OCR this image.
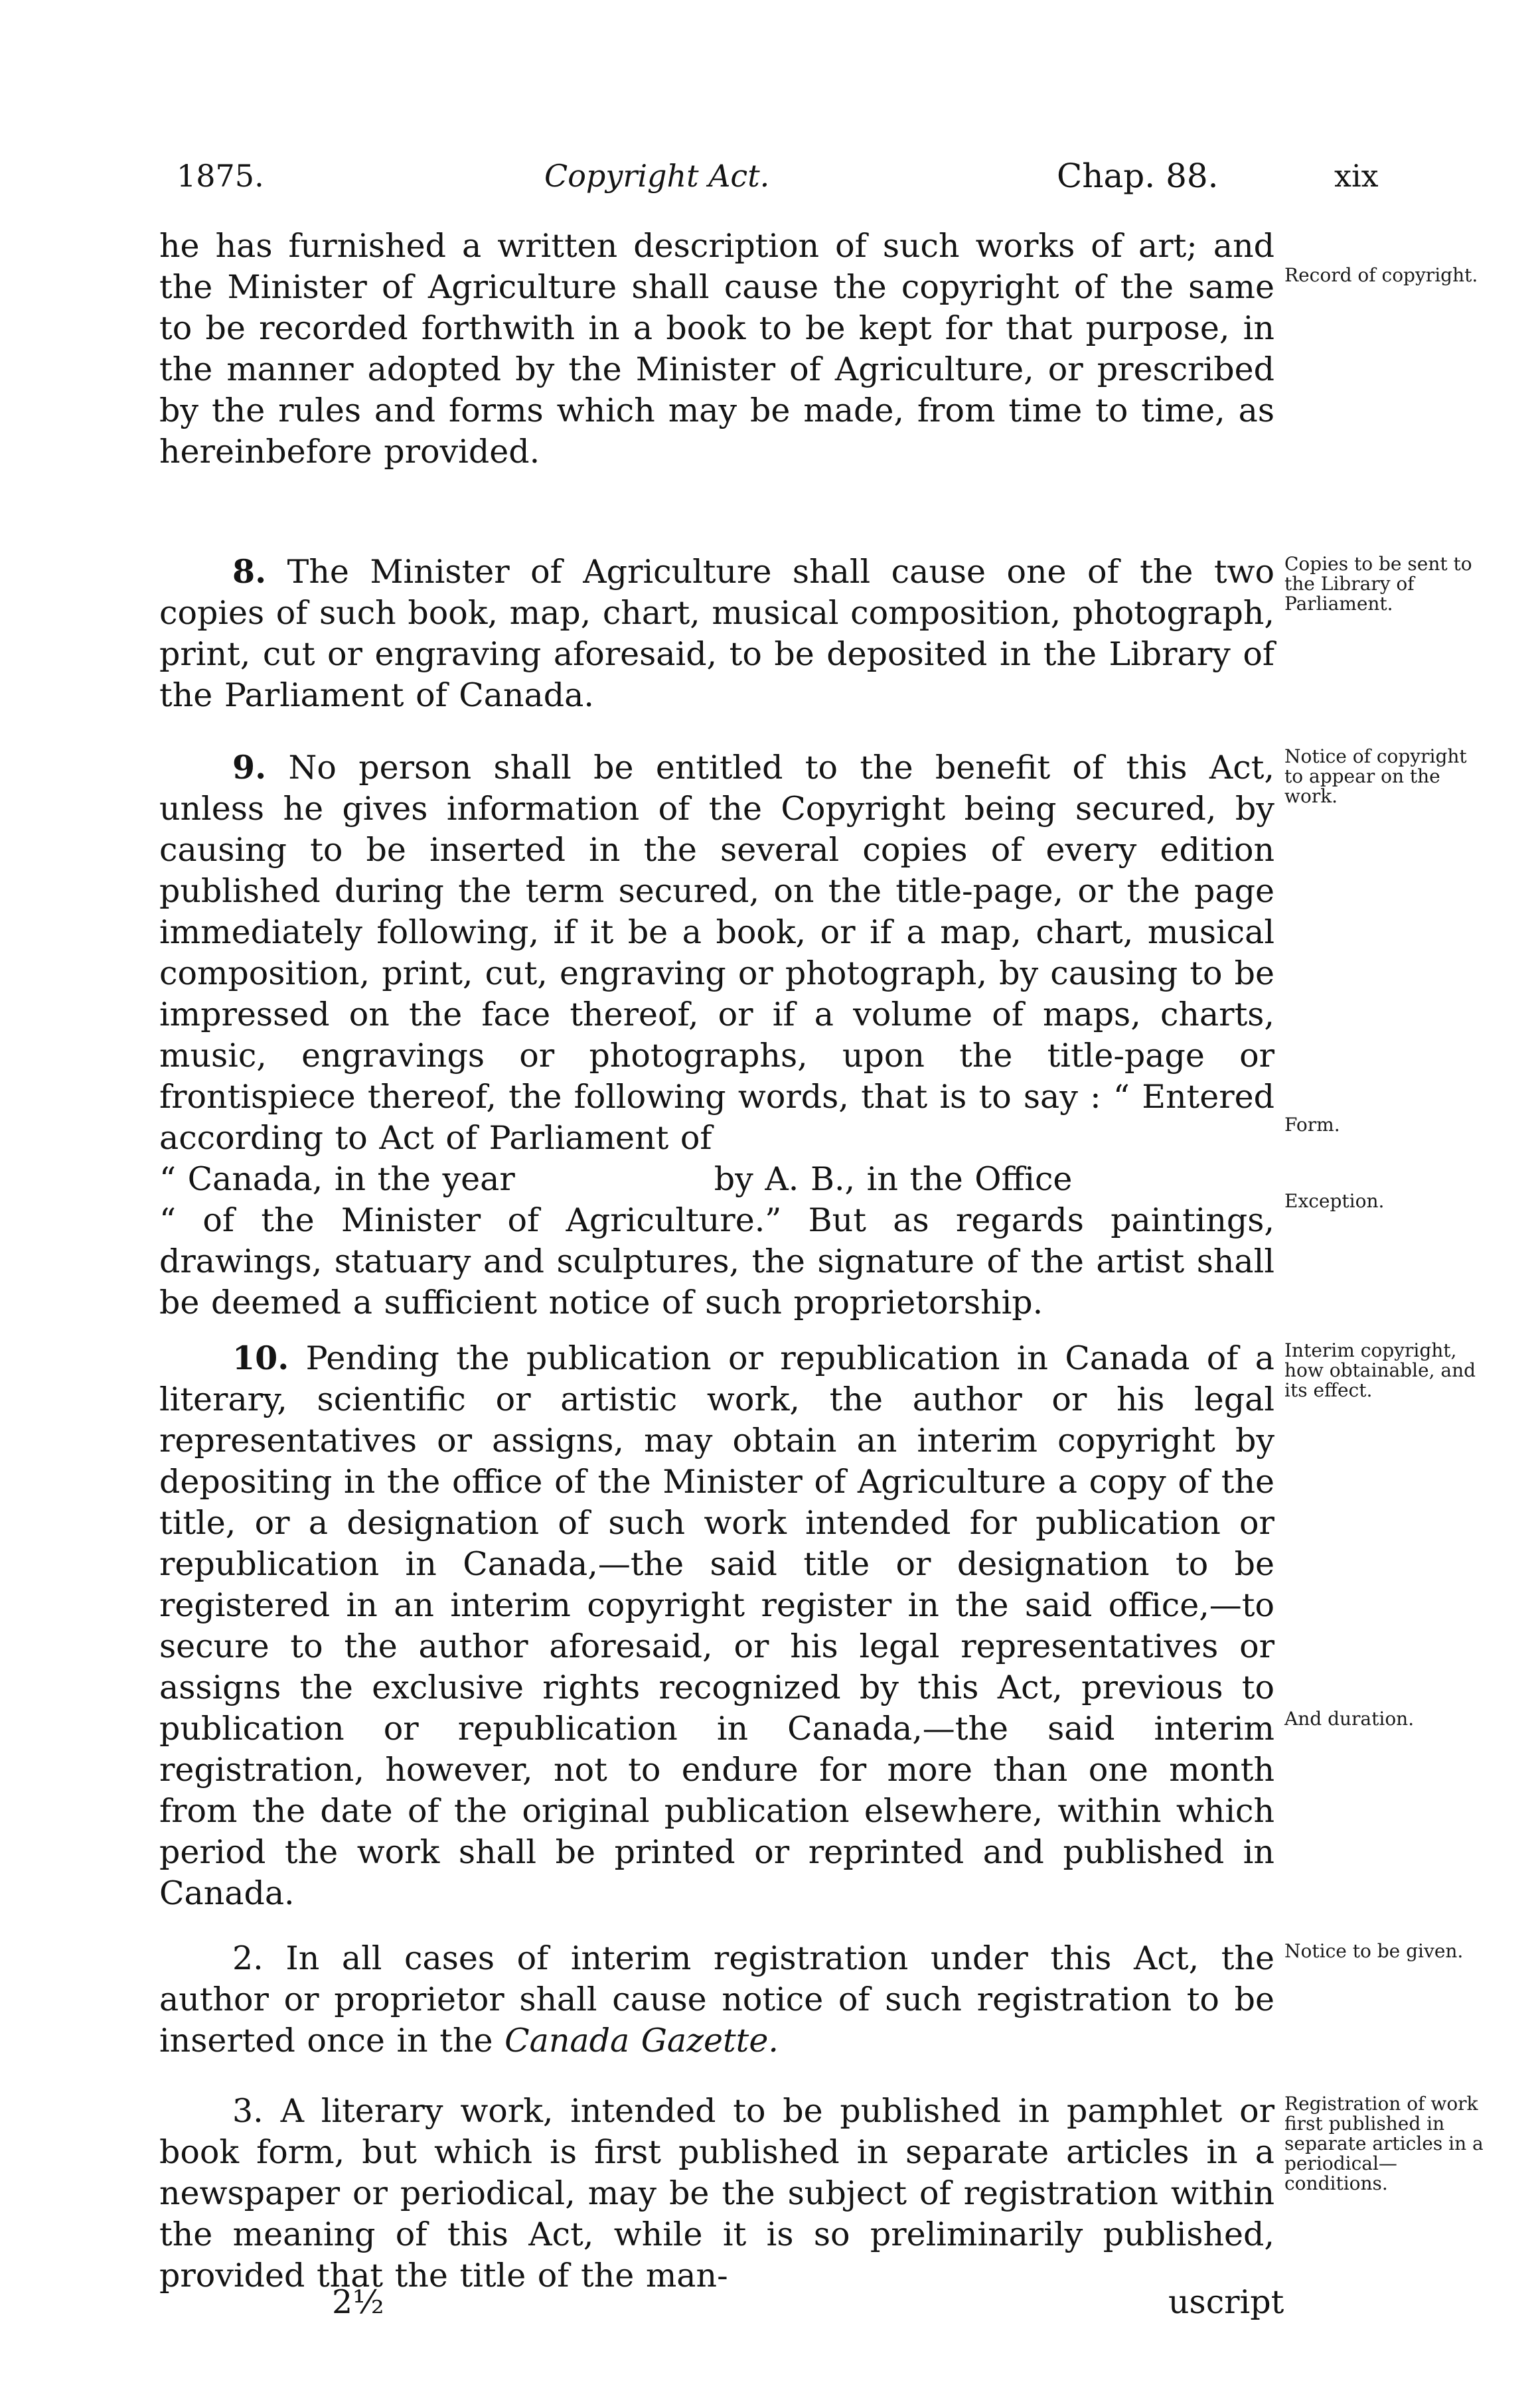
1875.	Copyright Act.	Chap. 88.	xix

he has furnished a written description of such works of art; and the Minister of Agriculture shall cause the copyright of the same to be recorded forthwith in a book to be kept for that purpose, in the manner adopted by the Minister of Agriculture, or prescribed by the rules and forms which may be made, from time to time, as hereinbefore provided.

Record of copyright.

8. The Minister of Agriculture shall cause one of the two copies of such book, map, chart, musical composition, photograph, print, cut or engraving aforesaid, to be deposited in the Library of the Parliament of Canada.

Copies to be sent to the Library of Parliament.

9. No person shall be entitled to the benefit of this Act, unless he gives information of the Copyright being secured, by causing to be inserted in the several copies of every edition published during the term secured, on the title-page, or the page immediately following, if it be a book, or if a map, chart, musical composition, print, cut, engraving or photograph, by causing to be impressed on the face thereof, or if a volume of maps, charts, music, engravings or photographs, upon the title-page or frontispiece thereof, the following words, that is to say : “ Entered according to Act of Parliament of

“ Canada, in the year	by A. B., in the Office

“ of the Minister of Agriculture.” But as regards paintings, drawings, statuary and sculptures, the signature of the artist shall be deemed a sufficient notice of such proprietorship.

Notice of copyright to appear on the work.
Form.
Exception.

10. Pending the publication or republication in Canada of a literary, scientific or artistic work, the author or his legal representatives or assigns, may obtain an interim copyright by depositing in the office of the Minister of Agriculture a copy of the title, or a designation of such work intended for publication or republication in Canada,—the said title or designation to be registered in an interim copyright register in the said office,—to secure to the author aforesaid, or his legal representatives or assigns the exclusive rights recognized by this Act, previous to publication or republication in Canada,—the said interim registration, however, not to endure for more than one month from the date of the original publication elsewhere, within which period the work shall be printed or reprinted and published in Canada.

Interim copyright, how obtainable, and its effect.
And duration.

2. In all cases of interim registration under this Act, the author or proprietor shall cause notice of such registration to be inserted once in the Canada Gazette.

Notice to be given.

3. A literary work, intended to be published in pamphlet or book form, but which is first published in separate articles in a newspaper or periodical, may be the subject of registration within the meaning of this Act, while it is so preliminarily published, provided that the title of the man-

Registration of work first published in separate articles in a periodical—conditions.
2½	uscript
